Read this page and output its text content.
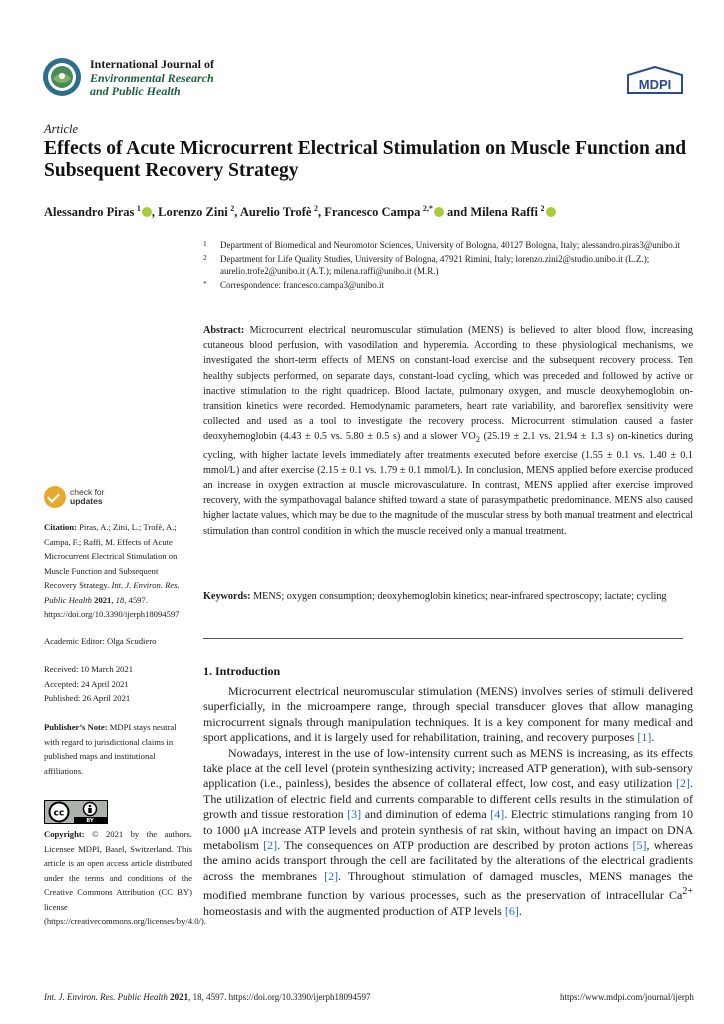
International Journal of
Environmental Research
and Public Health	MDPI
Article
Effects of Acute Microcurrent Electrical Stimulation on Muscle Function and Subsequent Recovery Strategy
Alessandro Piras  $^1$ , Lorenzo Zini  $^2$, Aurelio Trofè  $^2$, Francesco Campa  $^{2,*}$ and Milena Raffi  $^2$
1 Department of Biomedical and Neuromotor Sciences, University of Bologna, 40127 Bologna, Italy; alessandro.piras3@unibo.it
2 Department for Life Quality Studies, University of Bologna, 47921 Rimini, Italy; lorenzo.zini2@studio.unibo.it (L.Z.); aurelio.trofe2@unibo.it (A.T.); milena.raffi@unibo.it (M.R.)
* Correspondence: francesco.campa3@unibo.it
Abstract: Microcurrent electrical neuromuscular stimulation (MENS) is believed to alter blood flow, increasing cutaneous blood perfusion, with vasodilation and hyperemia. According to these physiological mechanisms, we investigated the short-term effects of MENS on constant-load exercise and the subsequent recovery process. Ten healthy subjects performed, on separate days, constant-load cycling, which was preceded and followed by active or inactive stimulation to the right quadricep. Blood lactate, pulmonary oxygen, and muscle deoxyhemoglobin on-transition kinetics were recorded. Hemodynamic parameters, heart rate variability, and baroreflex sensitivity were collected and used as a tool to investigate the recovery process. Microcurrent stimulation caused a faster deoxyhemoglobin (4.43 ± 0.5 vs. 5.80 ± 0.5 s) and a slower $VO_2$ (25.19 ± 2.1 vs. 21.94 ± 1.3 s) on-kinetics during cycling, with higher lactate levels immediately after treatments executed before exercise (1.55 ± 0.1 vs. 1.40 ± 0.1 mmol/L) and after exercise (2.15 ± 0.1 vs. 1.79 ± 0.1 mmol/L). In conclusion, MENS applied before exercise produced an increase in oxygen extraction at muscle microvasculature. In contrast, MENS applied after exercise improved recovery, with the sympathovagal balance shifted toward a state of parasympathetic predominance. MENS also caused higher lactate values, which may be due to the magnitude of the muscular stress by both manual treatment and electrical stimulation than control condition in which the muscle received only a manual treatment.
Keywords: MENS; oxygen consumption; deoxyhemoglobin kinetics; near-infrared spectroscopy; lactate; cycling
check for
updates
Citation: Piras, A.; Zini, L.; Trofè, A.; Campa, F.; Raffi, M. Effects of Acute Microcurrent Electrical Stimulation on Muscle Function and Subsequent Recovery Strategy. Int. J. Environ. Res. Public Health 2021, 18, 4597. https://doi.org/10.3390/ijerph18094597
Academic Editor: Olga Scudiero
Received: 10 March 2021
Accepted: 24 April 2021
Published: 26 April 2021
Publisher’s Note: MDPI stays neutral with regard to jurisdictional claims in published maps and institutional affiliations.
cc
BY
Copyright: © 2021 by the authors. Licensee MDPI, Basel, Switzerland. This article is an open access article distributed under the terms and conditions of the Creative Commons Attribution (CC BY) license (https://creativecommons.org/licenses/by/4.0/).
1. Introduction

Microcurrent electrical neuromuscular stimulation (MENS) involves series of stimuli delivered superficially, in the microampere range, through special transducer gloves that allow managing microcurrent signals through manipulation techniques. It is a key component for many medical and sport applications, and it is largely used for rehabilitation, training, and recovery purposes [1].

Nowadays, interest in the use of low-intensity current such as MENS is increasing, as its effects take place at the cell level (protein synthesizing activity; increased ATP generation), with sub-sensory application (i.e., painless), besides the absence of collateral effect, low cost, and easy utilization [2]. The utilization of electric field and currents comparable to different cells results in the stimulation of growth and tissue restoration [3] and diminution of edema [4]. Electric stimulations ranging from 10 to 1000 μA increase ATP levels and protein synthesis of rat skin, without having an impact on DNA metabolism [2]. The consequences on ATP production are described by proton actions [5], whereas the amino acids transport through the cell are facilitated by the alterations of the electrical gradients across the membranes [2]. Throughout stimulation of damaged muscles, MENS manages the modified membrane function by various processes, such as the preservation of intracellular $Ca^{2+}$ homeostasis and with the augmented production of ATP levels [6].

Int. J. Environ. Res. Public Health 2021, 18, 4597. https://doi.org/10.3390/ijerph18094597	https://www.mdpi.com/journal/ijerph
